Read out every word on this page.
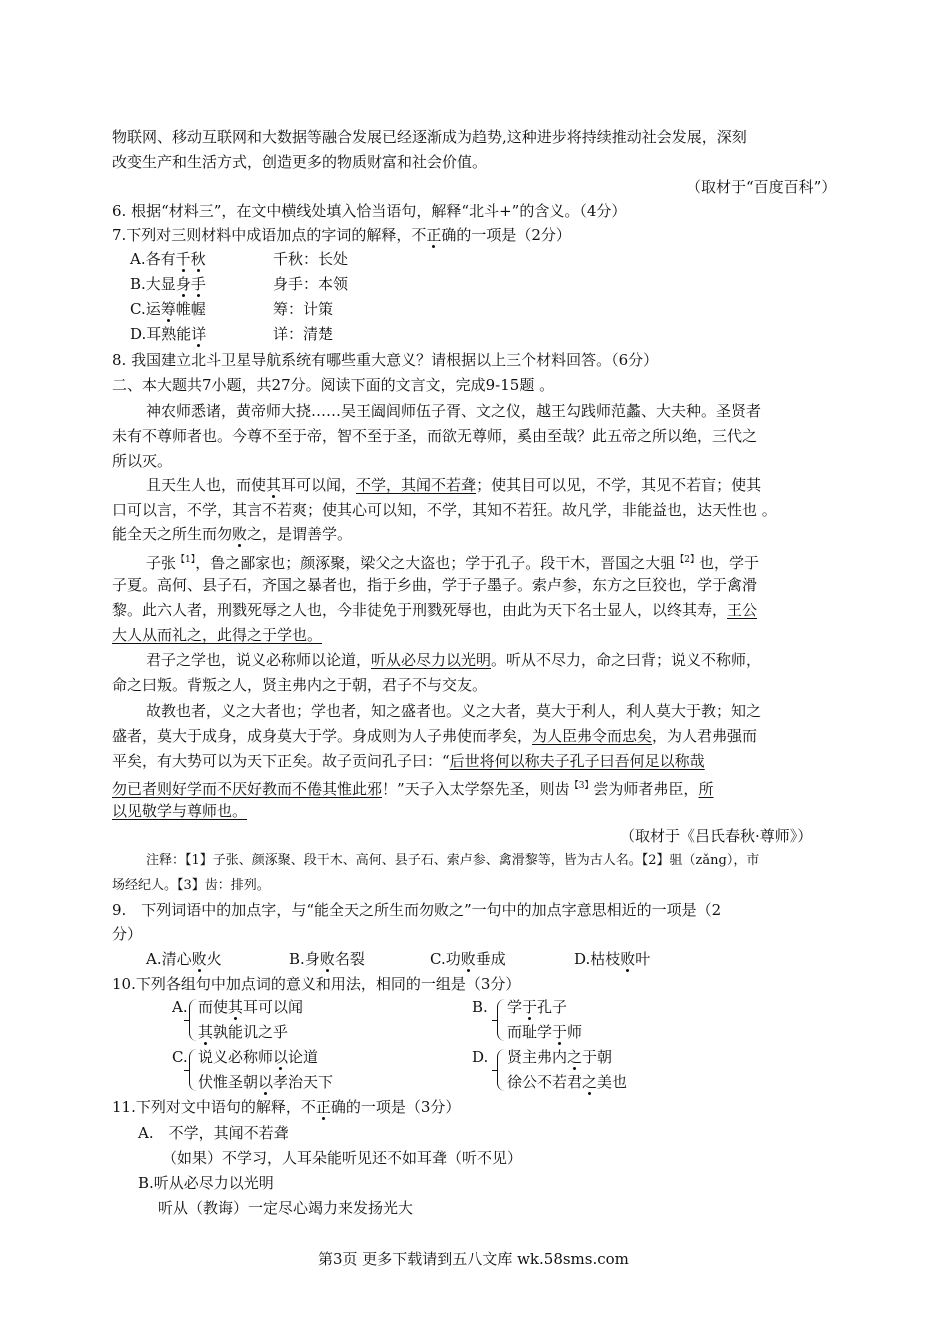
物联网、移动互联网和大数据等融合发展已经逐渐成为趋势,这种进步将持续推动社会发展，深刻
改变生产和生活方式，创造更多的物质财富和社会价值。
（取材于“百度百科”）
6. 根据“材料三”，在文中横线处填入恰当语句，解释“北斗+”的含义。（4分）
7.下列对三则材料中成语加点的字词的解释，不正确的一项是（2分）
A.各有千秋	千秋：长处
B.大显身手	身手：本领
C.运筹帷幄	筹：计策
D.耳熟能详	详：清楚
8. 我国建立北斗卫星导航系统有哪些重大意义？请根据以上三个材料回答。（6分）
二、本大题共7小题，共27分。阅读下面的文言文，完成9-15题 。
神农师悉诸，黄帝师大挠……吴王阖闾师伍子胥、文之仪，越王勾践师范蠡、大夫种。圣贤者
未有不尊师者也。今尊不至于帝，智不至于圣，而欲无尊师，奚由至哉？此五帝之所以绝，三代之
所以灭。
且天生人也，而使其耳可以闻，不学，其闻不若聋；使其目可以见，不学，其见不若盲；使其
口可以言，不学，其言不若爽；使其心可以知，不学，其知不若狂。故凡学，非能益也，达天性也 。
能全天之所生而勿败之，是谓善学。
子张$^{【1】}$，鲁之鄙家也；颜涿聚，梁父之大盗也；学于孔子。段干木，晋国之大驵$^{【2】}$也，学于
子夏。高何、县子石，齐国之暴者也，指于乡曲，学于子墨子。索卢参，东方之巨狡也，学于禽滑
黎。此六人者，刑戮死辱之人也，今非徒免于刑戮死辱也，由此为天下名士显人，以终其寿，王公
大人从而礼之，此得之于学也。
君子之学也，说义必称师以论道，听从必尽力以光明。听从不尽力，命之曰背；说义不称师，
命之曰叛。背叛之人，贤主弗内之于朝，君子不与交友。
故教也者，义之大者也；学也者，知之盛者也。义之大者，莫大于利人，利人莫大于教；知之
盛者，莫大于成身，成身莫大于学。身成则为人子弗使而孝矣，为人臣弗令而忠矣，为人君弗强而
平矣，有大势可以为天下正矣。故子贡问孔子曰：“后世将何以称夫子孔子曰吾何足以称哉
勿已者则好学而不厌好教而不倦其惟此邪！”天子入太学祭先圣，则齿$^{【3】}$尝为师者弗臣，所
以见敬学与尊师也。
（取材于《吕氏春秋·尊师》）
注释：【1】子张、颜涿聚、段干木、高何、县子石、索卢参、禽滑黎等，皆为古人名。【2】驵（zǎng），市
场经纪人。【3】齿：排列。
9.　下列词语中的加点字，与“能全天之所生而勿败之”一句中的加点字意思相近的一项是（2
分）
A.清心败火	B.身败名裂	C.功败垂成	D.枯枝败叶
10.下列各组句中加点词的意义和用法，相同的一组是（3分）
A. 而使其耳可以闻
其孰能讥之乎
B. 学于孔子
而耻学于师
C. 说义必称师以论道
伏惟圣朝以孝治天下
D. 贤主弗内之于朝
徐公不若君之美也
11.下列对文中语句的解释，不正确的一项是（3分）
A.　不学，其闻不若聋
（如果）不学习，人耳朵能听见还不如耳聋（听不见）
B.听从必尽力以光明
听从（教诲）一定尽心竭力来发扬光大
第3页 更多下载请到五八文库 wk.58sms.com
